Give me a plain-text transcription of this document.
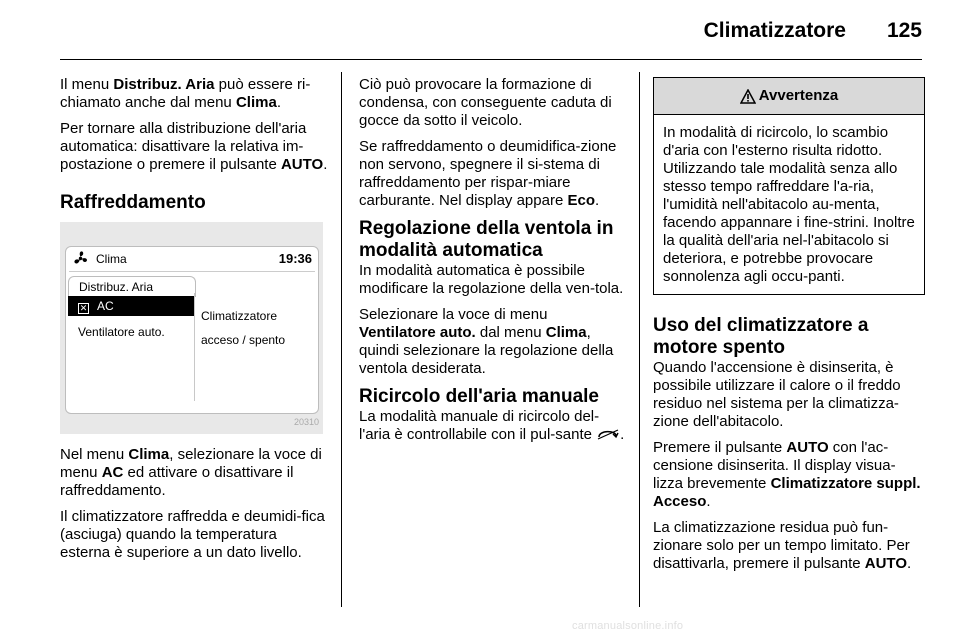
Climatizzatore	125

Il menu Distribuz. Aria può essere ri-chiamato anche dal menu Clima.

Per tornare alla distribuzione dell'aria automatica: disattivare la relativa im-postazione o premere il pulsante AUTO.

Raffreddamento
Clima	19:36
Distribuz. Aria
✕ AC
Ventilatore auto.
Climatizzatore
acceso / spento
20310

Nel menu Clima, selezionare la voce di menu AC ed attivare o disattivare il raffreddamento.

Il climatizzatore raffredda e deumidi-fica (asciuga) quando la temperatura esterna è superiore a un dato livello.

Ciò può provocare la formazione di condensa, con conseguente caduta di gocce da sotto il veicolo.

Se raffreddamento o deumidifica-zione non servono, spegnere il si-stema di raffreddamento per rispar-miare carburante. Nel display appare Eco.

Regolazione della ventola in modalità automatica

In modalità automatica è possibile modificare la regolazione della ven-tola.

Selezionare la voce di menu Ventilatore auto. dal menu Clima, quindi selezionare la regolazione della ventola desiderata.

Ricircolo dell'aria manuale

La modalità manuale di ricircolo del-l'aria è controllabile con il pul-sante .

Avvertenza
In modalità di ricircolo, lo scambio d'aria con l'esterno risulta ridotto. Utilizzando tale modalità senza allo stesso tempo raffreddare l'a-ria, l'umidità nell'abitacolo au-menta, facendo appannare i fine-strini. Inoltre la qualità dell'aria nel-l'abitacolo si deteriora, e potrebbe provocare sonnolenza agli occu-panti.
Uso del climatizzatore a motore spento

Quando l'accensione è disinserita, è possibile utilizzare il calore o il freddo residuo nel sistema per la climatizza-zione dell'abitacolo.

Premere il pulsante AUTO con l'ac-censione disinserita. Il display visua-lizza brevemente Climatizzatore suppl. Acceso.

La climatizzazione residua può fun-zionare solo per un tempo limitato. Per disattivarla, premere il pulsante AUTO.

carmanualsonline.info
